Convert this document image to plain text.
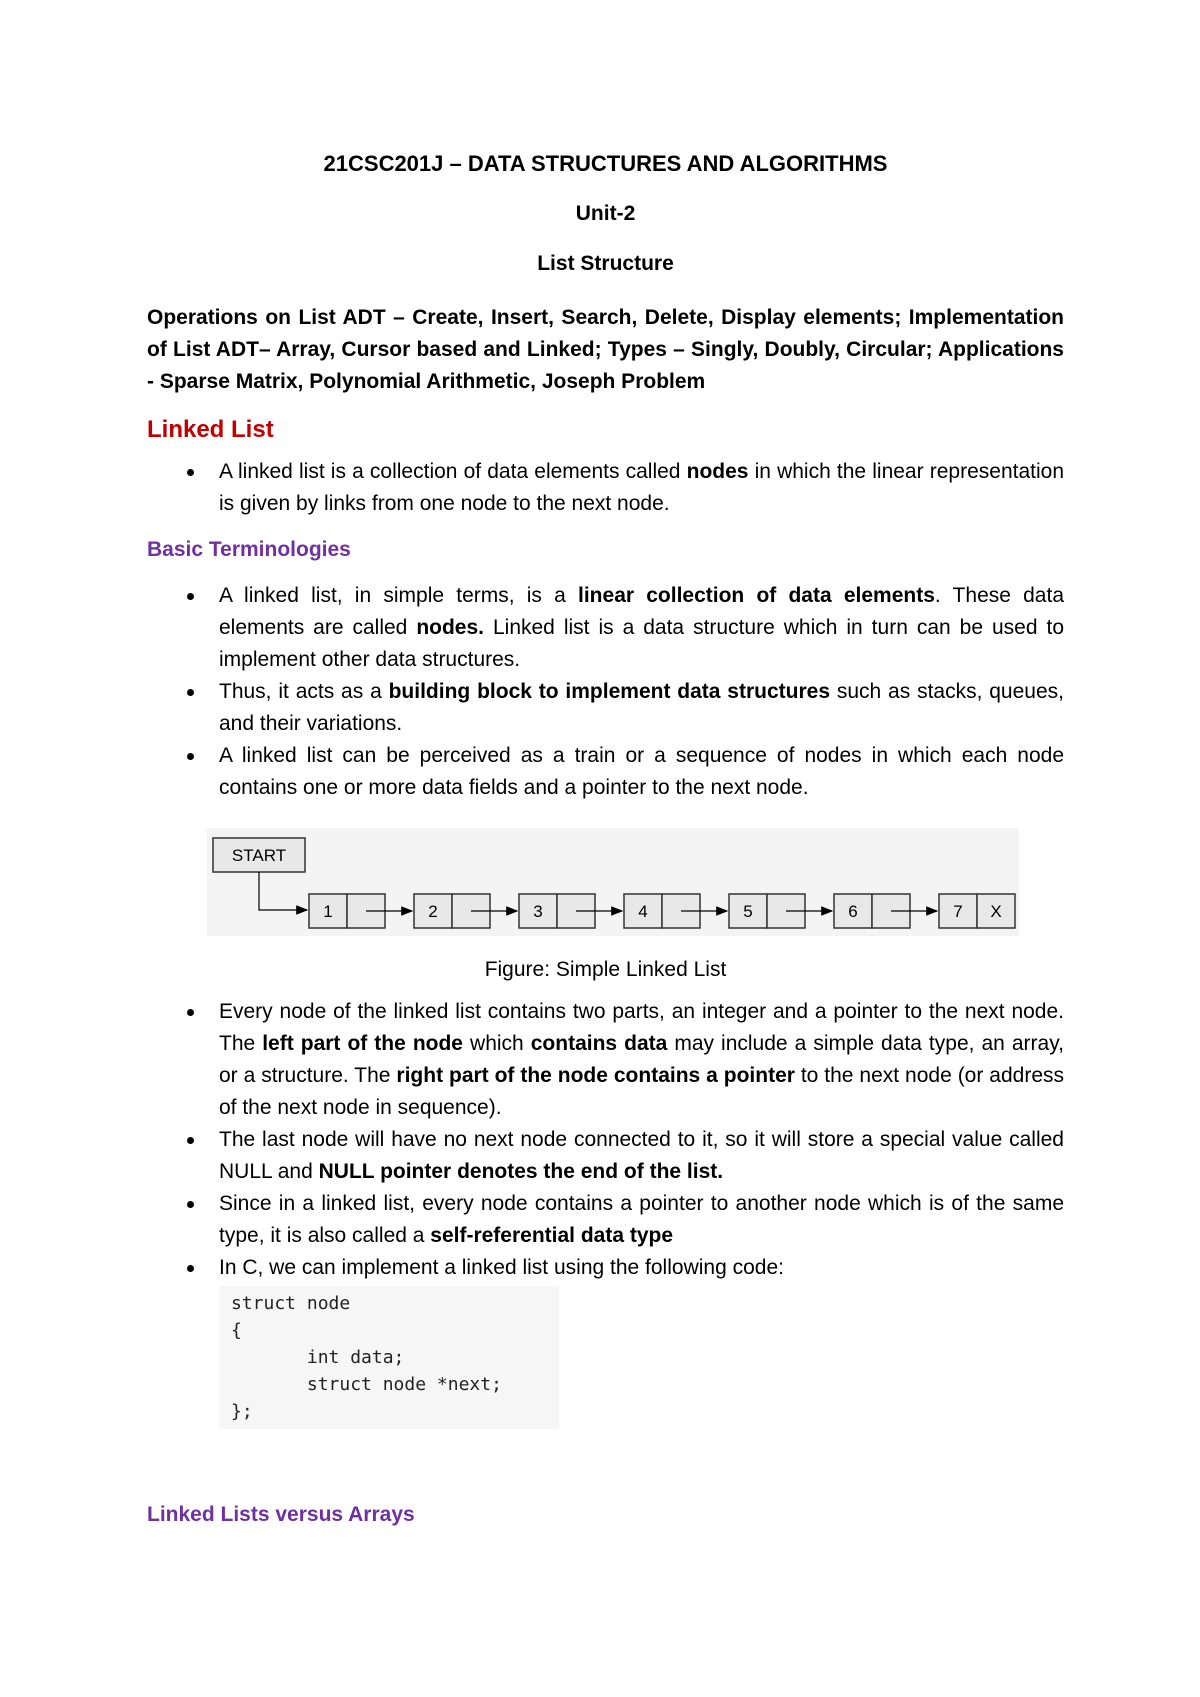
21CSC201J – DATA STRUCTURES AND ALGORITHMS
Unit-2
List Structure
Operations on List ADT – Create, Insert, Search, Delete, Display elements; Implementation of List ADT– Array, Cursor based and Linked; Types – Singly, Doubly, Circular; Applications - Sparse Matrix, Polynomial Arithmetic, Joseph Problem
Linked List
A linked list is a collection of data elements called nodes in which the linear representation is given by links from one node to the next node.
Basic Terminologies
A linked list, in simple terms, is a linear collection of data elements. These data elements are called nodes. Linked list is a data structure which in turn can be used to implement other data structures.
Thus, it acts as a building block to implement data structures such as stacks, queues, and their variations.
A linked list can be perceived as a train or a sequence of nodes in which each node contains one or more data fields and a pointer to the next node.
START
1	2	3	4	5	6	7 X
Figure: Simple Linked List
Every node of the linked list contains two parts, an integer and a pointer to the next node. The left part of the node which contains data may include a simple data type, an array, or a structure. The right part of the node contains a pointer to the next node (or address of the next node in sequence).
The last node will have no next node connected to it, so it will store a special value called NULL and NULL pointer denotes the end of the list.
Since in a linked list, every node contains a pointer to another node which is of the same type, it is also called a self-referential data type
In C, we can implement a linked list using the following code:
struct node
{
int data;
struct node *next;
};
Linked Lists versus Arrays
